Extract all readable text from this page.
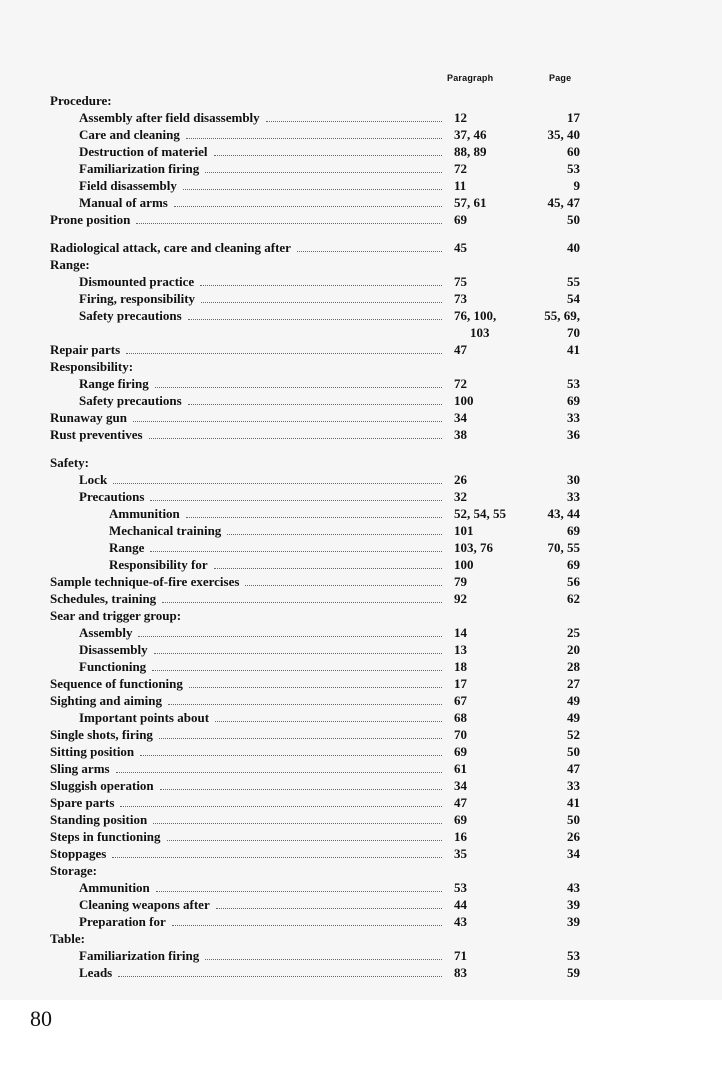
Paragraph	Page
Procedure:
Assembly after field disassembly	12	17
Care and cleaning	37, 46	35, 40
Destruction of materiel	88, 89	60
Familiarization firing	72	53
Field disassembly	11	9
Manual of arms	57, 61	45, 47
Prone position	69	50
Radiological attack, care and cleaning after	45	40
Range:
Dismounted practice	75	55
Firing, responsibility	73	54
Safety precautions	76, 100,	55, 69,
103	70
Repair parts	47	41
Responsibility:
Range firing	72	53
Safety precautions	100	69
Runaway gun	34	33
Rust preventives	38	36
Safety:
Lock	26	30
Precautions	32	33
Ammunition	52, 54, 55	43, 44
Mechanical training	101	69
Range	103, 76	70, 55
Responsibility for	100	69
Sample technique-of-fire exercises	79	56
Schedules, training	92	62
Sear and trigger group:
Assembly	14	25
Disassembly	13	20
Functioning	18	28
Sequence of functioning	17	27
Sighting and aiming	67	49
Important points about	68	49
Single shots, firing	70	52
Sitting position	69	50
Sling arms	61	47
Sluggish operation	34	33
Spare parts	47	41
Standing position	69	50
Steps in functioning	16	26
Stoppages	35	34
Storage:
Ammunition	53	43
Cleaning weapons after	44	39
Preparation for	43	39
Table:
Familiarization firing	71	53
Leads	83	59
80
